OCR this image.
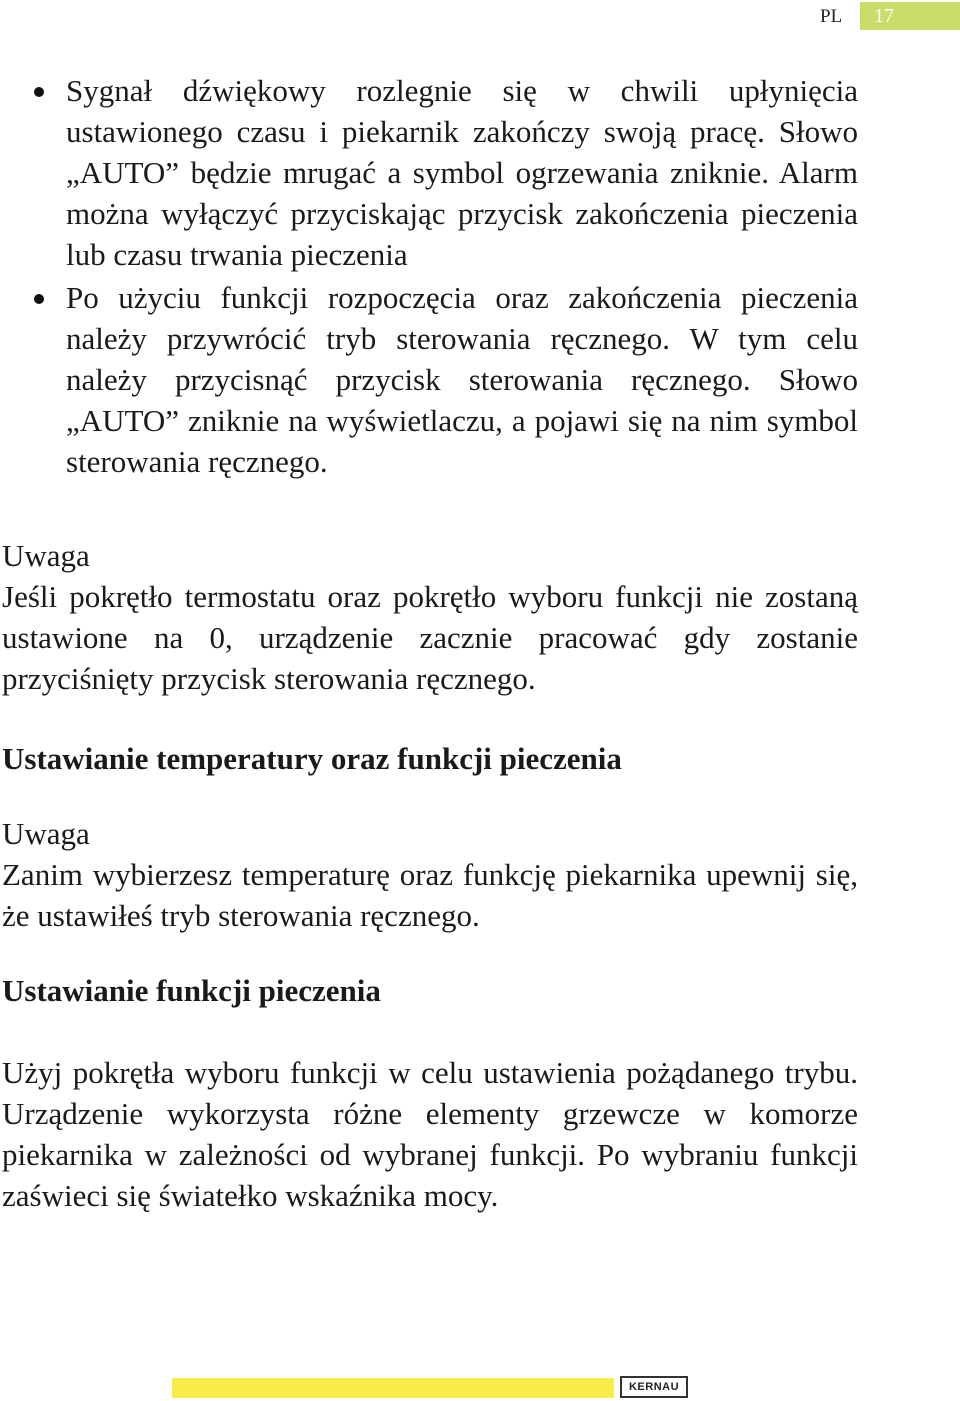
PL 17
Sygnał dźwiękowy rozlegnie się w chwili upłynięcia ustawionego czasu i piekarnik zakończy swoją pracę. Słowo „AUTO” będzie mrugać a symbol ogrzewania zniknie. Alarm można wyłączyć przyciskając przycisk zakończenia pieczenia lub czasu trwania pieczenia
Po użyciu funkcji rozpoczęcia oraz zakończenia pieczenia należy przywrócić tryb sterowania ręcznego. W tym celu należy przycisnąć przycisk sterowania ręcznego. Słowo „AUTO” zniknie na wyświetlaczu, a pojawi się na nim symbol sterowania ręcznego.

Uwaga

Jeśli pokrętło termostatu oraz pokrętło wyboru funkcji nie zostaną ustawione na 0, urządzenie zacznie pracować gdy zostanie przyciśnięty przycisk sterowania ręcznego.

Ustawianie temperatury oraz funkcji pieczenia

Uwaga

Zanim wybierzesz temperaturę oraz funkcję piekarnika upewnij się, że ustawiłeś tryb sterowania ręcznego.

Ustawianie funkcji pieczenia

Użyj pokrętła wyboru funkcji w celu ustawienia pożądanego trybu. Urządzenie wykorzysta różne elementy grzewcze w komorze piekarnika w zależności od wybranej funkcji. Po wybraniu funkcji zaświeci się światełko wskaźnika mocy.

KERNAU
